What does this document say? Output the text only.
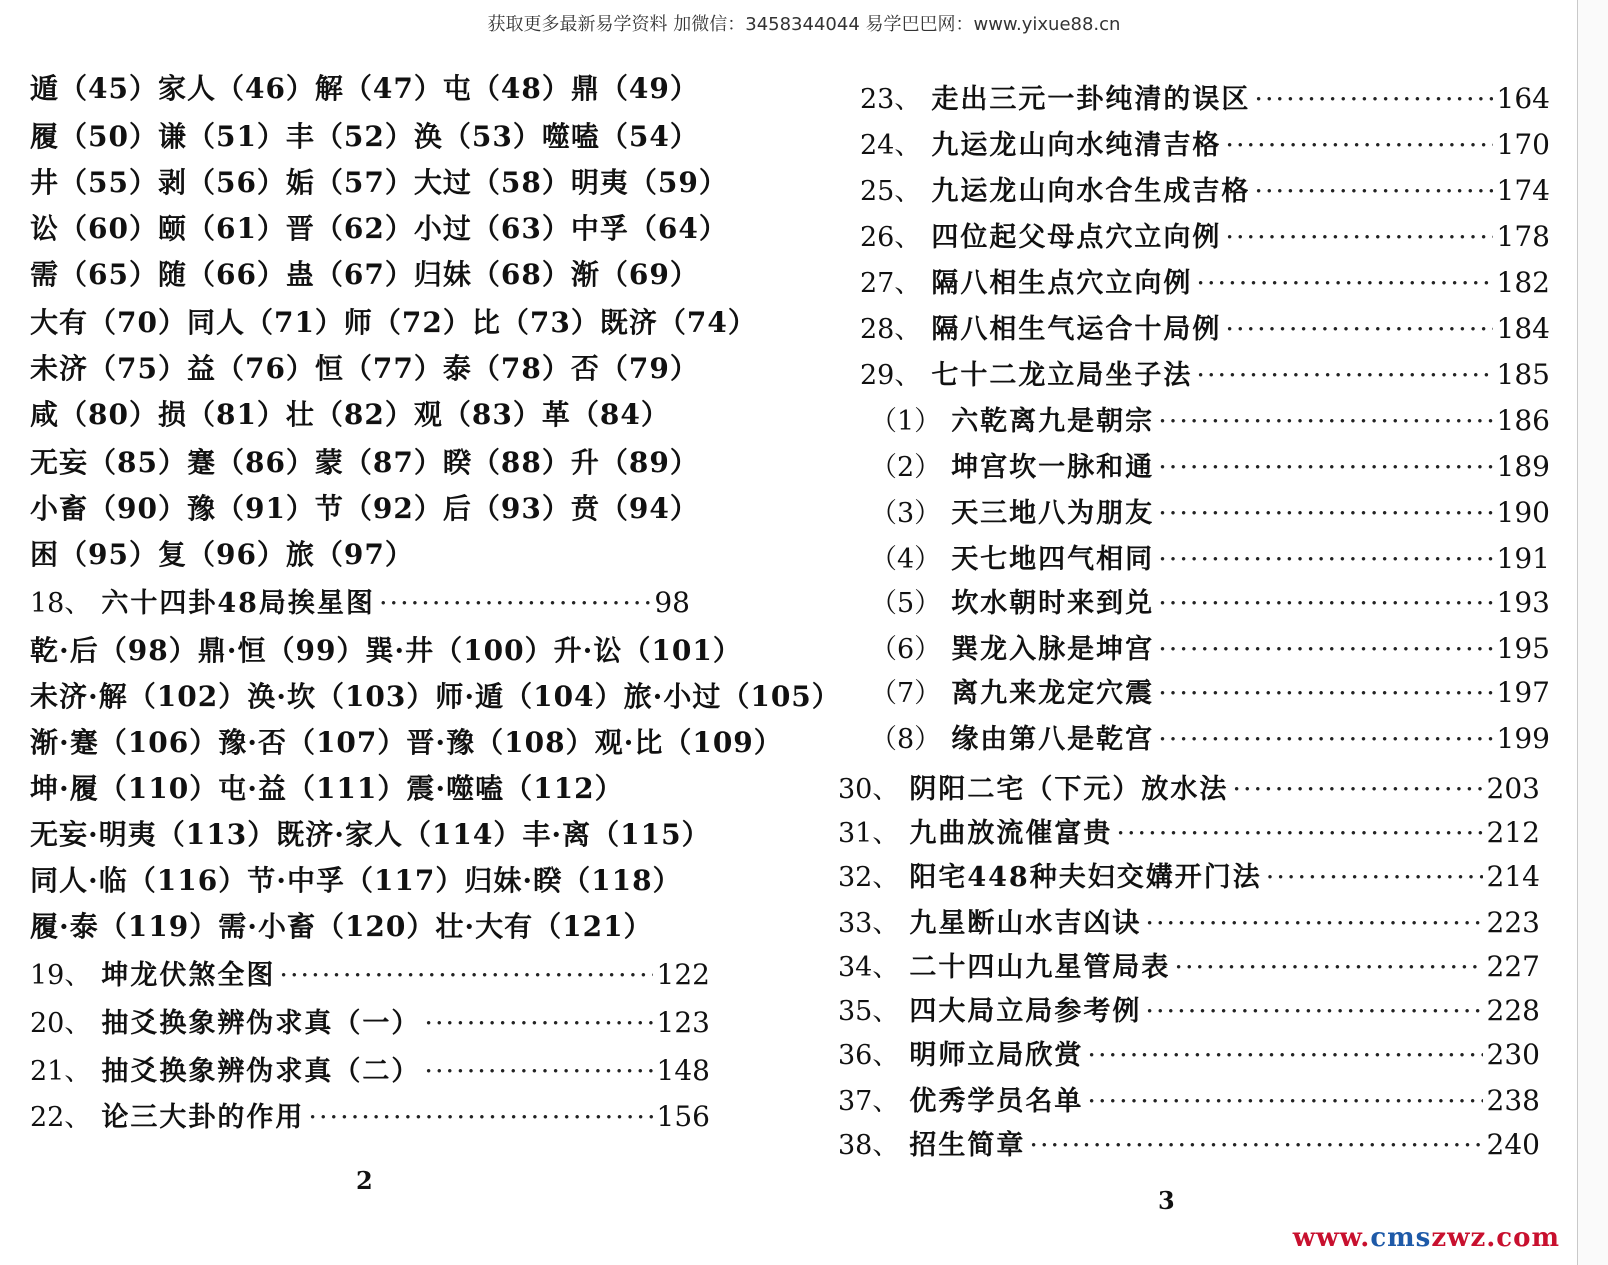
获取更多最新易学资料 加微信：3458344044 易学巴巴网：www.yixue88.cn
遁（45）家人（46）解（47）屯（48）鼎（49）
履（50）谦（51）丰（52）涣（53）噬嗑（54）
井（55）剥（56）姤（57）大过（58）明夷（59）
讼（60）颐（61）晋（62）小过（63）中孚（64）
需（65）随（66）蛊（67）归妹（68）渐（69）
大有（70）同人（71）师（72）比（73）既济（74）
未济（75）益（76）恒（77）泰（78）否（79）
咸（80）损（81）壮（82）观（83）革（84）
无妄（85）蹇（86）蒙（87）睽（88）升（89）
小畜（90）豫（91）节（92）后（93）贲（94）
困（95）复（96）旅（97）
18、 六十四卦48局挨星图 ·····	98
乾·后（98）鼎·恒（99）巽·井（100）升·讼（101）
未济·解（102）涣·坎（103）师·遁（104）旅·小过（105）
渐·蹇（106）豫·否（107）晋·豫（108）观·比（109）
坤·履（110）屯·益（111）震·噬嗑（112）
无妄·明夷（113）既济·家人（114）丰·离（115）
同人·临（116）节·中孚（117）归妹·睽（118）
履·泰（119）需·小畜（120）壮·大有（121）
19、 坤龙伏煞全图 ·····	122
20、 抽爻换象辨伪求真（一） ·····	123
21、 抽爻换象辨伪求真（二） ·····	148
22、 论三大卦的作用 ·····	156
2
23、 走出三元一卦纯清的误区 ·····	164
24、 九运龙山向水纯清吉格 ·····	170
25、 九运龙山向水合生成吉格 ·····	174
26、 四位起父母点穴立向例 ·····	178
27、 隔八相生点穴立向例 ·····	182
28、 隔八相生气运合十局例 ·····	184
29、 七十二龙立局坐子法 ·····	185
（1） 六乾离九是朝宗 ·····	186
（2） 坤宫坎一脉和通 ·····	189
（3） 天三地八为朋友 ·····	190
（4） 天七地四气相同 ·····	191
（5） 坎水朝时来到兑 ·····	193
（6） 巽龙入脉是坤宫 ·····	195
（7） 离九来龙定穴震 ·····	197
（8） 缘由第八是乾宫 ·····	199
30、 阴阳二宅（下元）放水法 ·····	203
31、 九曲放流催富贵 ·····	212
32、 阳宅448种夫妇交媾开门法 ·····	214
33、 九星断山水吉凶诀 ·····	223
34、 二十四山九星管局表 ·····	227
35、 四大局立局参考例 ·····	228
36、 明师立局欣赏 ·····	230
37、 优秀学员名单 ·····	238
38、 招生简章 ·····	240
3
www.cmszwz.com
